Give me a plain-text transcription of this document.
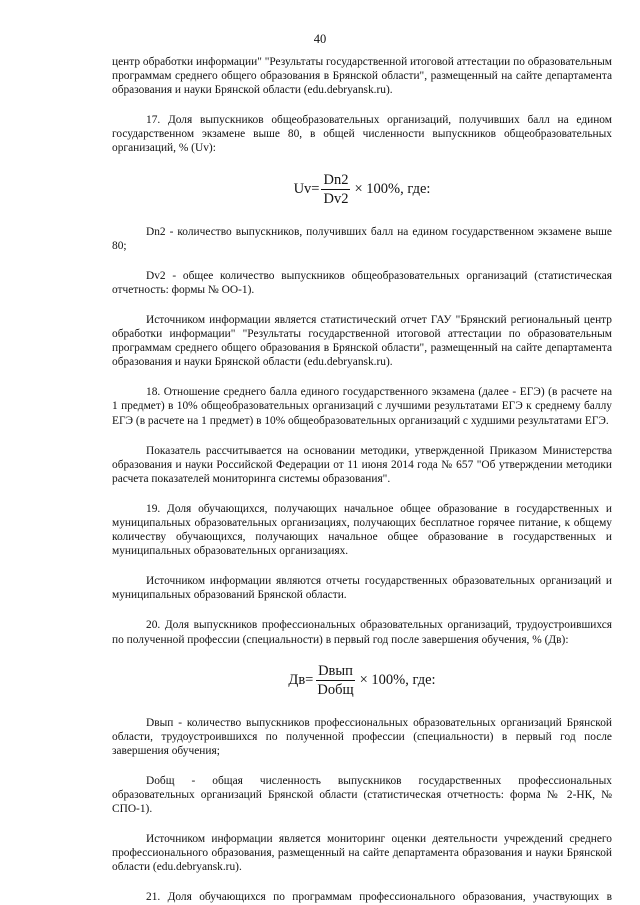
40

центр обработки информации" "Результаты государственной итоговой аттестации по образовательным программам среднего общего образования в Брянской области", размещенный на сайте департамента образования и науки Брянской области (edu.debryansk.ru).

17. Доля выпускников общеобразовательных организаций, получивших балл на едином государственном экзамене выше 80, в общей численности выпускников общеобразовательных организаций, % (Uv):

$Uv= \frac{Dn2}{Dv2} \times 100\%$, где:

Dn2 - количество выпускников, получивших балл на едином государственном экзамене выше 80;

Dv2 - общее количество выпускников общеобразовательных организаций (статистическая отчетность: формы № ОО-1).

Источником информации является статистический отчет ГАУ "Брянский региональный центр обработки информации" "Результаты государственной итоговой аттестации по образовательным программам среднего общего образования в Брянской области", размещенный на сайте департамента образования и науки Брянской области (edu.debryansk.ru).

18. Отношение среднего балла единого государственного экзамена (далее - ЕГЭ) (в расчете на 1 предмет) в 10% общеобразовательных организаций с лучшими результатами ЕГЭ к среднему баллу ЕГЭ (в расчете на 1 предмет) в 10% общеобразовательных организаций с худшими результатами ЕГЭ.

Показатель рассчитывается на основании методики, утвержденной Приказом Министерства образования и науки Российской Федерации от 11 июня 2014 года № 657 "Об утверждении методики расчета показателей мониторинга системы образования".

19. Доля обучающихся, получающих начальное общее образование в государственных и муниципальных образовательных организациях, получающих бесплатное горячее питание, к общему количеству обучающихся, получающих начальное общее образование в государственных и муниципальных образовательных организациях.

Источником информации являются отчеты государственных образовательных организаций и муниципальных образований Брянской области.

20. Доля выпускников профессиональных образовательных организаций, трудоустроившихся по полученной профессии (специальности) в первый год после завершения обучения, % (Дв):

$Дв= \frac{\text{Dвып}}{\text{Dобщ}} \times 100\%$, где:

Dвып - количество выпускников профессиональных образовательных организаций Брянской области, трудоустроившихся по полученной профессии (специальности) в первый год после завершения обучения;

Dобщ - общая численность выпускников государственных профессиональных образовательных организаций Брянской области (статистическая отчетность: форма № 2-НК, № СПО-1).

Источником информации является мониторинг оценки деятельности учреждений среднего профессионального образования, размещенный на сайте департамента образования и науки Брянской области (edu.debryansk.ru).

21. Доля обучающихся по программам профессионального образования, участвующих в
